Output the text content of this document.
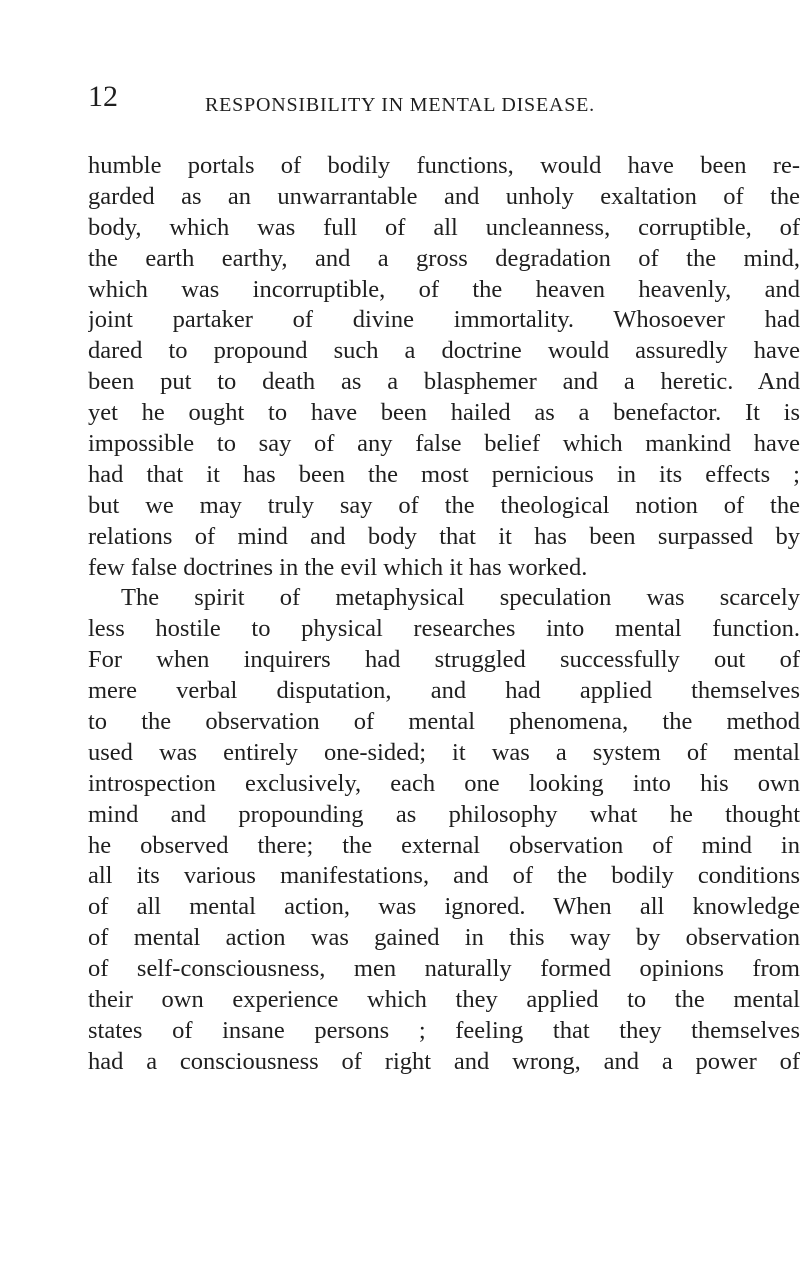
12	RESPONSIBILITY IN MENTAL DISEASE.
humble portals of bodily functions, would have been re‑
garded as an unwarrantable and unholy exaltation of the
body, which was full of all uncleanness, corruptible, of
the earth earthy, and a gross degradation of the mind,
which was incorruptible, of the heaven heavenly, and
joint partaker of divine immortality. Whosoever had
dared to propound such a doctrine would assuredly have
been put to death as a blasphemer and a heretic. And
yet he ought to have been hailed as a benefactor. It is
impossible to say of any false belief which mankind have
had that it has been the most pernicious in its effects ;
but we may truly say of the theological notion of the
relations of mind and body that it has been surpassed by
few false doctrines in the evil which it has worked.
The spirit of metaphysical speculation was scarcely
less hostile to physical researches into mental function.
For when inquirers had struggled successfully out of
mere verbal disputation, and had applied themselves
to the observation of mental phenomena, the method
used was entirely one-sided; it was a system of mental
introspection exclusively, each one looking into his own
mind and propounding as philosophy what he thought
he observed there; the external observation of mind in
all its various manifestations, and of the bodily conditions
of all mental action, was ignored. When all knowledge
of mental action was gained in this way by observation
of self-consciousness, men naturally formed opinions from
their own experience which they applied to the mental
states of insane persons ; feeling that they themselves
had a consciousness of right and wrong, and a power of
